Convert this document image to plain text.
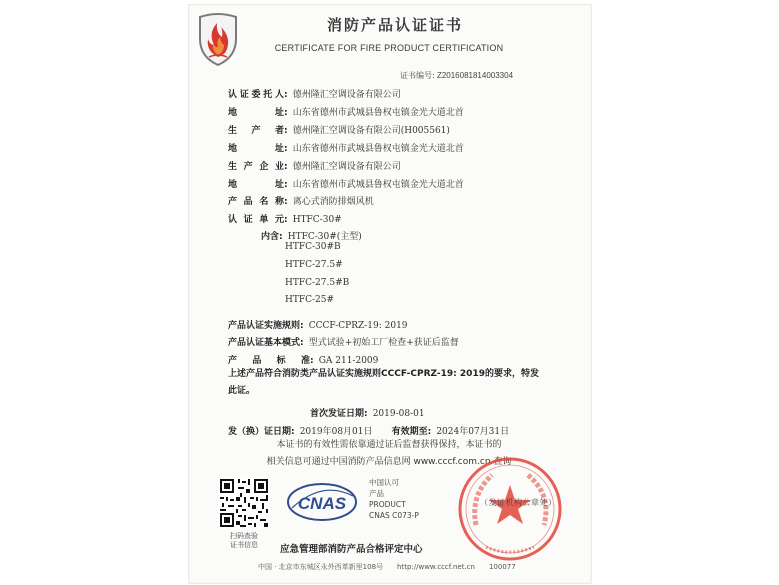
消防产品认证证书
CERTIFICATE FOR FIRE PRODUCT CERTIFICATION
证书编号: Z2016081814003304
认证委托人: 德州隆汇空调设备有限公司
地　　址: 山东省德州市武城县鲁权屯镇金光大道北首
生　产　者: 德州隆汇空调设备有限公司(H005561)
地　　址: 山东省德州市武城县鲁权屯镇金光大道北首
生产企业: 德州隆汇空调设备有限公司
地　　址: 山东省德州市武城县鲁权屯镇金光大道北首
产品名称: 离心式消防排烟风机
认证单元: HTFC-30#
内含: HTFC-30#(主型)
HTFC-30#B
HTFC-27.5#
HTFC-27.5#B
HTFC-25#
产品认证实施规则: CCCF-CPRZ-19: 2019
产品认证基本模式: 型式试验+初始工厂检查+获证后监督
产　品　标　准: GA 211-2009
上述产品符合消防类产品认证实施规则CCCF-CPRZ-19: 2019的要求，特发
此证。
首次发证日期: 2019-08-01
发（换）证日期: 2019年08月01日 有效期至: 2024年07月31日
本证书的有效性需依靠通过证后监督获得保持，本证书的
相关信息可通过中国消防产品信息网 www.cccf.com.cn 查询
扫码查验
证书信息
CNAS
中国认可
产品
PRODUCT
CNAS C073-P
（发证机构公章处）
应急管理部消防产品合格评定中心
中国 · 北京市东城区永外西革新里108号　　http://www.cccf.net.cn　　100077
